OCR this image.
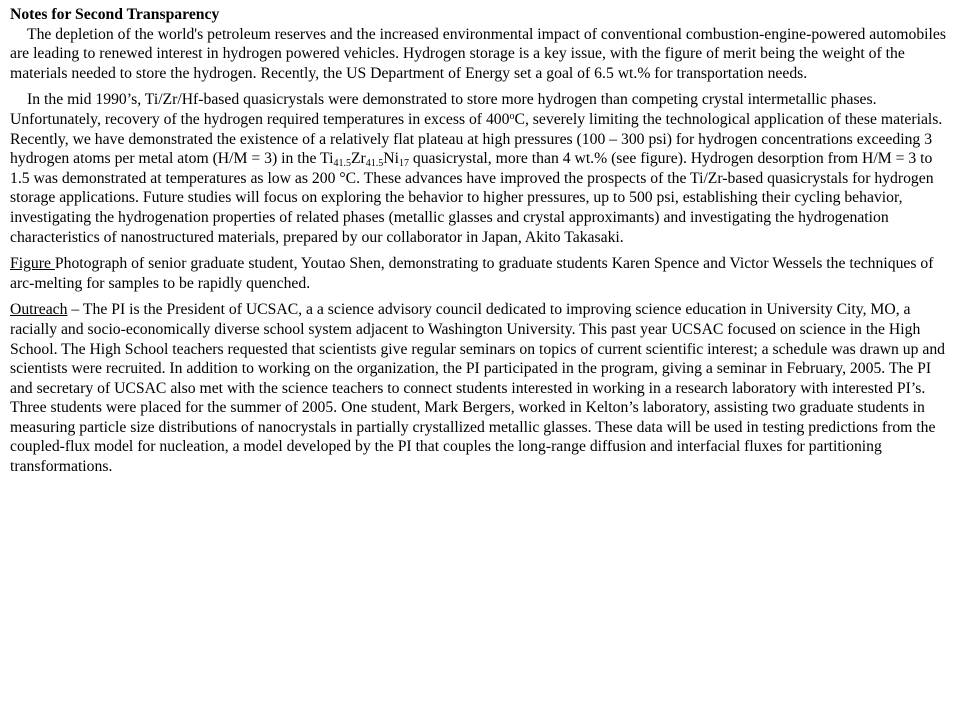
Notes for Second Transparency

The depletion of the world's petroleum reserves and the increased environmental impact of conventional combustion-engine-powered automobiles are leading to renewed interest in hydrogen powered vehicles. Hydrogen storage is a key issue, with the figure of merit being the weight of the materials needed to store the hydrogen. Recently, the US Department of Energy set a goal of 6.5 wt.% for transportation needs.

In the mid 1990’s, Ti/Zr/Hf-based quasicrystals were demonstrated to store more hydrogen than competing crystal intermetallic phases. Unfortunately, recovery of the hydrogen required temperatures in excess of 400$^o$C, severely limiting the technological application of these materials. Recently, we have demonstrated the existence of a relatively flat plateau at high pressures (100 – 300 psi) for hydrogen concentrations exceeding 3 hydrogen atoms per metal atom (H/M = 3) in the $Ti_{41.5}Zr_{41.5}Ni_{17}$ quasicrystal, more than 4 wt.% (see figure). Hydrogen desorption from H/M = 3 to 1.5 was demonstrated at temperatures as low as 200 °C. These advances have improved the prospects of the Ti/Zr-based quasicrystals for hydrogen storage applications. Future studies will focus on exploring the behavior to higher pressures, up to 500 psi, establishing their cycling behavior, investigating the hydrogenation properties of related phases (metallic glasses and crystal approximants) and investigating the hydrogenation characteristics of nanostructured materials, prepared by our collaborator in Japan, Akito Takasaki.

Figure Photograph of senior graduate student, Youtao Shen, demonstrating to graduate students Karen Spence and Victor Wessels the techniques of arc-melting for samples to be rapidly quenched.

Outreach – The PI is the President of UCSAC, a a science advisory council dedicated to improving science education in University City, MO, a racially and socio-economically diverse school system adjacent to Washington University. This past year UCSAC focused on science in the High School. The High School teachers requested that scientists give regular seminars on topics of current scientific interest; a schedule was drawn up and scientists were recruited. In addition to working on the organization, the PI participated in the program, giving a seminar in February, 2005. The PI and secretary of UCSAC also met with the science teachers to connect students interested in working in a research laboratory with interested PI’s. Three students were placed for the summer of 2005. One student, Mark Bergers, worked in Kelton’s laboratory, assisting two graduate students in measuring particle size distributions of nanocrystals in partially crystallized metallic glasses. These data will be used in testing predictions from the coupled-flux model for nucleation, a model developed by the PI that couples the long-range diffusion and interfacial fluxes for partitioning transformations.
